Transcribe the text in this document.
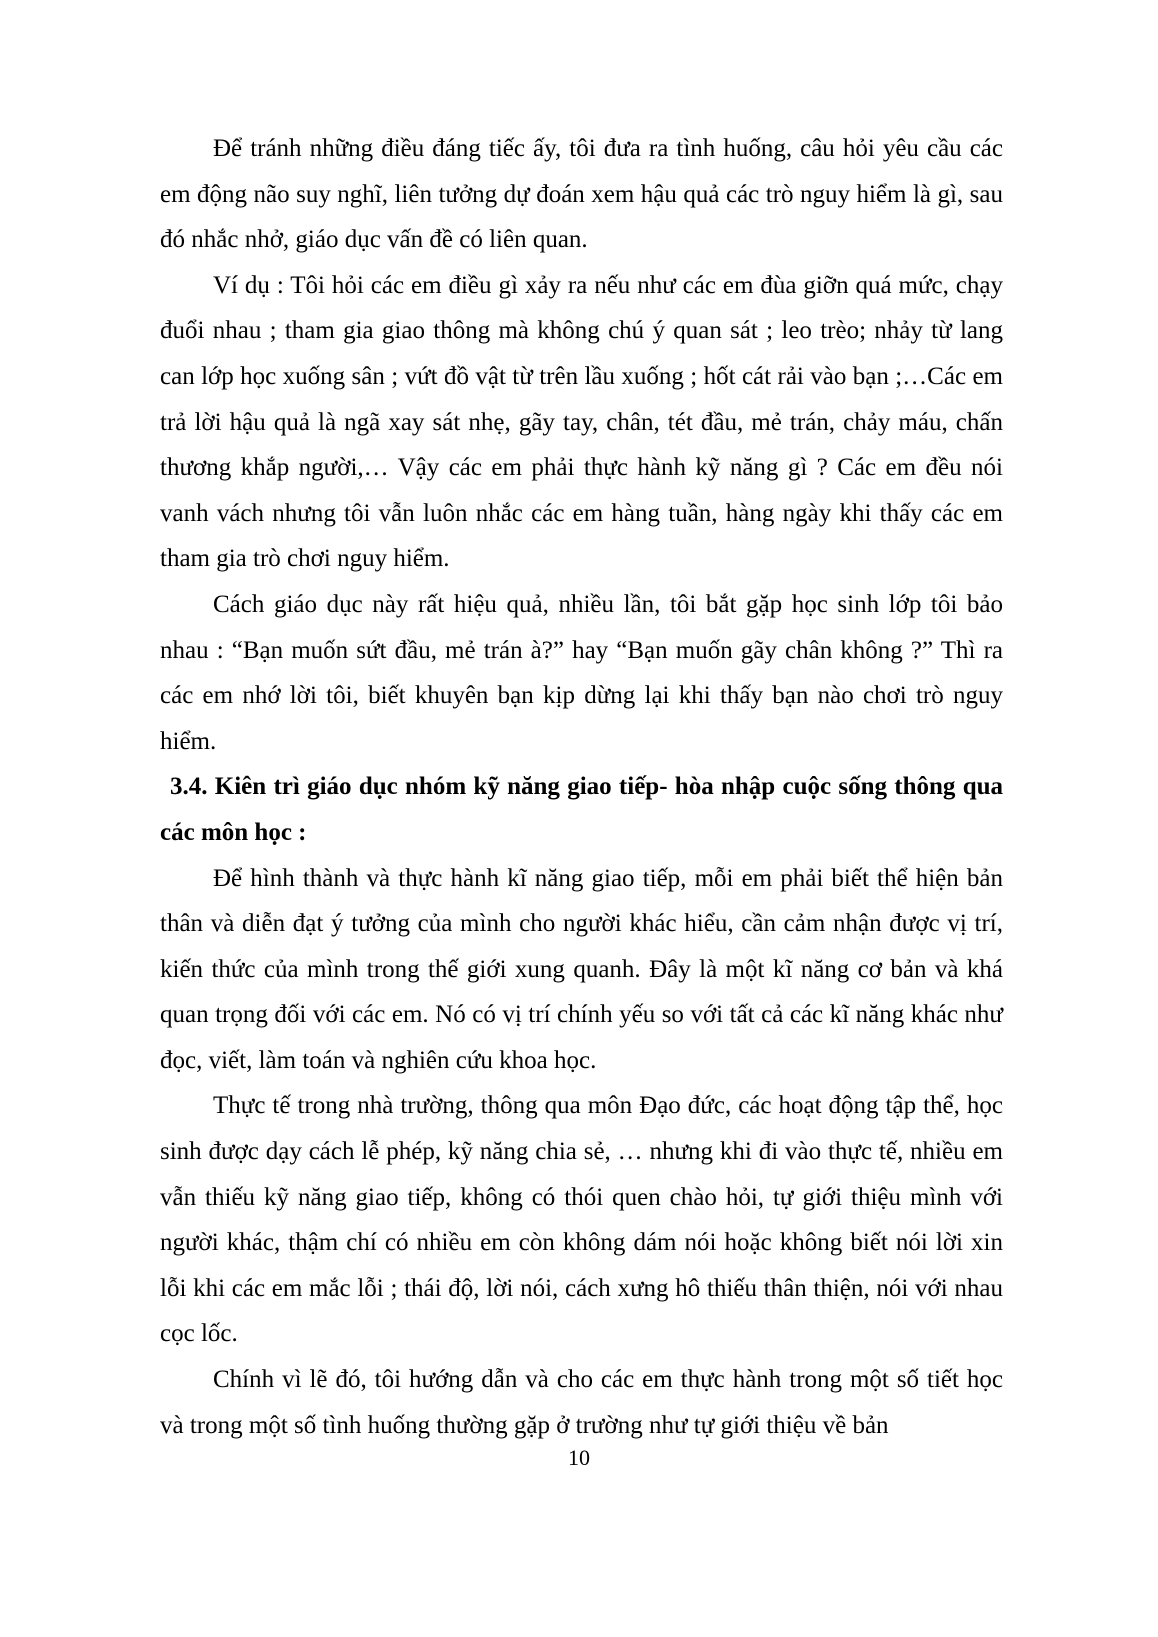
Để tránh những điều đáng tiếc ấy, tôi đưa ra tình huống, câu hỏi yêu cầu các em động não suy nghĩ, liên tưởng dự đoán xem hậu quả các trò nguy hiểm là gì, sau đó nhắc nhở, giáo dục vấn đề có liên quan.

Ví dụ : Tôi hỏi các em điều gì xảy ra nếu như các em đùa giỡn quá mức, chạy đuổi nhau ; tham gia giao thông mà không chú ý quan sát ; leo trèo; nhảy từ lang can lớp học xuống sân ; vứt đồ vật từ trên lầu xuống ; hốt cát rải vào bạn ;…Các em trả lời hậu quả là ngã xay sát nhẹ, gãy tay, chân, tét đầu, mẻ trán, chảy máu, chấn thương khắp người,… Vậy các em phải thực hành kỹ năng gì ? Các em đều nói vanh vách nhưng tôi vẫn luôn nhắc các em hàng tuần, hàng ngày khi thấy các em tham gia trò chơi nguy hiểm.

Cách giáo dục này rất hiệu quả, nhiều lần, tôi bắt gặp học sinh lớp tôi bảo nhau : “Bạn muốn sứt đầu, mẻ trán à?” hay “Bạn muốn gãy chân không ?” Thì ra các em nhớ lời tôi, biết khuyên bạn kịp dừng lại khi thấy bạn nào chơi trò nguy hiểm.

3.4. Kiên trì giáo dục nhóm kỹ năng giao tiếp- hòa nhập cuộc sống thông qua các môn học :

Để hình thành và thực hành kĩ năng giao tiếp, mỗi em phải biết thể hiện bản thân và diễn đạt ý tưởng của mình cho người khác hiểu, cần cảm nhận được vị trí, kiến thức của mình trong thế giới xung quanh. Đây là một kĩ năng cơ bản và khá quan trọng đối với các em. Nó có vị trí chính yếu so với tất cả các kĩ năng khác như đọc, viết, làm toán và nghiên cứu khoa học.

Thực tế trong nhà trường, thông qua môn Đạo đức, các hoạt động tập thể, học sinh được dạy cách lễ phép, kỹ năng chia sẻ, … nhưng khi đi vào thực tế, nhiều em vẫn thiếu kỹ năng giao tiếp, không có thói quen chào hỏi, tự giới thiệu mình với người khác, thậm chí có nhiều em còn không dám nói hoặc không biết nói lời xin lỗi khi các em mắc lỗi ; thái độ, lời nói, cách xưng hô thiếu thân thiện, nói với nhau cọc lốc.

Chính vì lẽ đó, tôi hướng dẫn và cho các em thực hành trong một số tiết học và trong một số tình huống thường gặp ở trường như tự giới thiệu về bản

10
